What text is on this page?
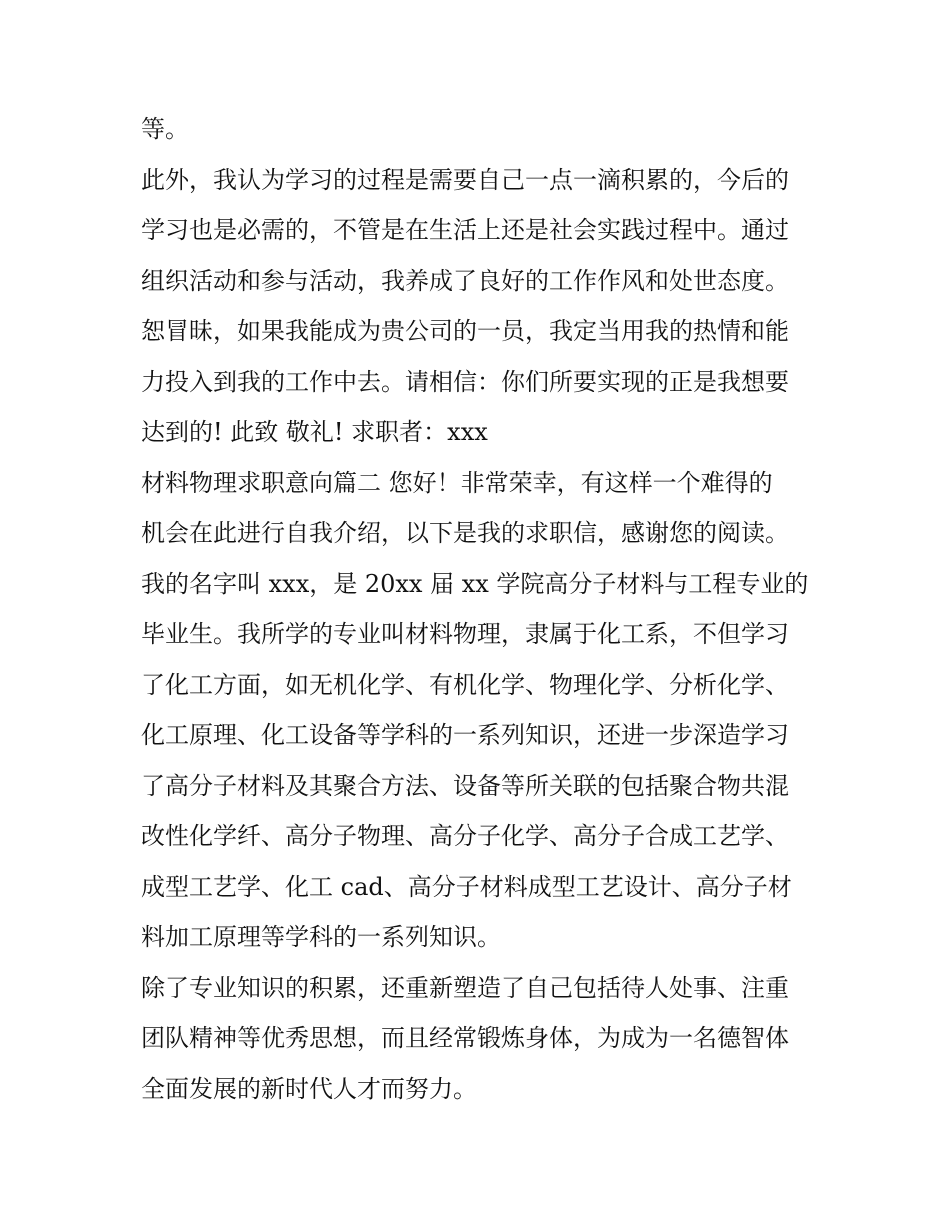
等。
此外，我认为学习的过程是需要自己一点一滴积累的，今后的
学习也是必需的，不管是在生活上还是社会实践过程中。通过
组织活动和参与活动，我养成了良好的工作作风和处世态度。
恕冒昧，如果我能成为贵公司的一员，我定当用我的热情和能
力投入到我的工作中去。请相信：你们所要实现的正是我想要
达到的! 此致 敬礼! 求职者：xxx
材料物理求职意向篇二 您好！非常荣幸，有这样一个难得的
机会在此进行自我介绍，以下是我的求职信，感谢您的阅读。
我的名字叫 xxx，是 20xx 届 xx 学院高分子材料与工程专业的
毕业生。我所学的专业叫材料物理，隶属于化工系，不但学习
了化工方面，如无机化学、有机化学、物理化学、分析化学、
化工原理、化工设备等学科的一系列知识，还进一步深造学习
了高分子材料及其聚合方法、设备等所关联的包括聚合物共混
改性化学纤、高分子物理、高分子化学、高分子合成工艺学、
成型工艺学、化工 cad、高分子材料成型工艺设计、高分子材
料加工原理等学科的一系列知识。
除了专业知识的积累，还重新塑造了自己包括待人处事、注重
团队精神等优秀思想，而且经常锻炼身体，为成为一名德智体
全面发展的新时代人才而努力。
